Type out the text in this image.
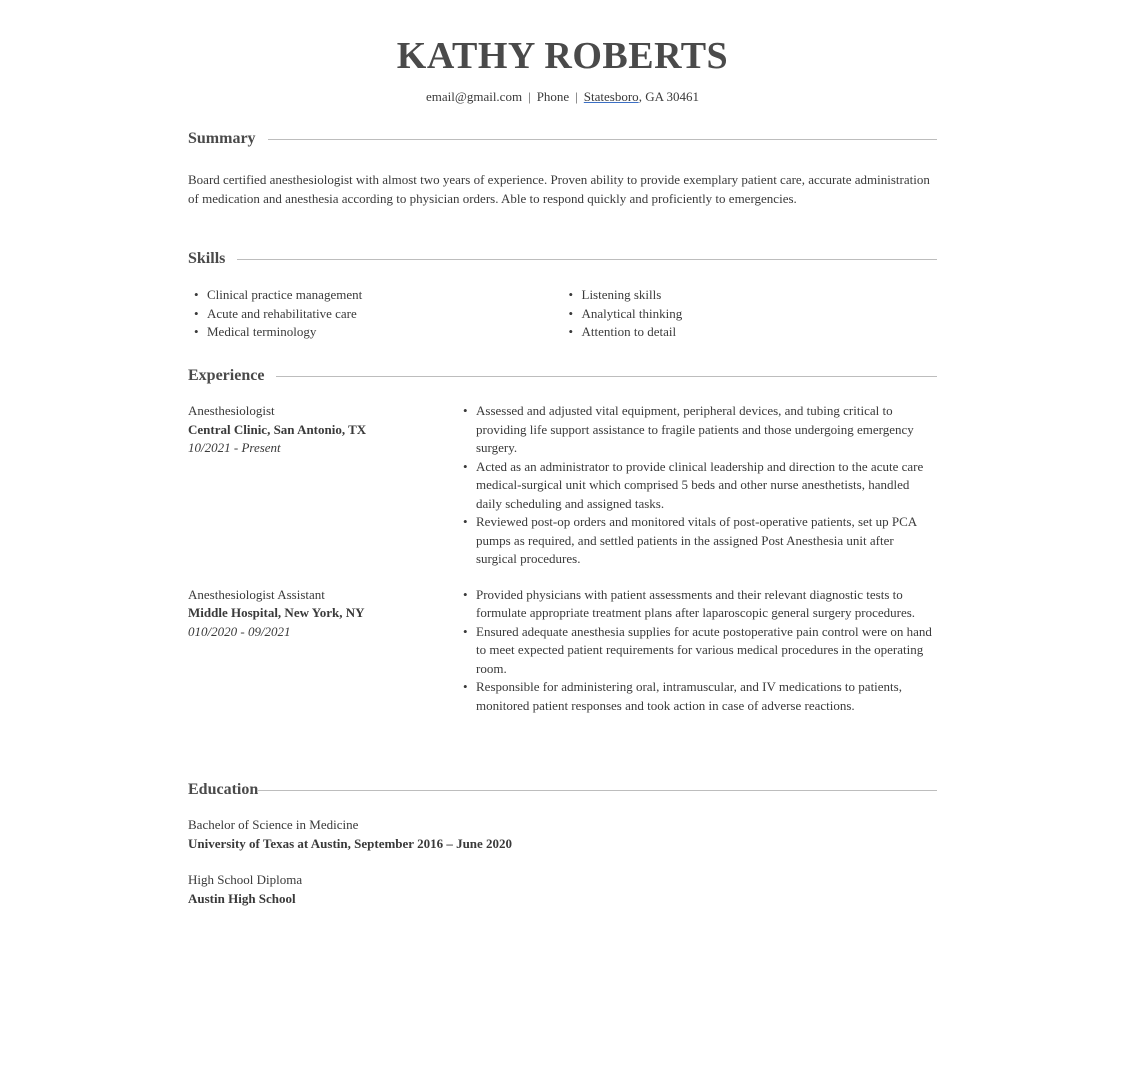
KATHY ROBERTS
email@gmail.com | Phone | Statesboro, GA 30461
Summary

Board certified anesthesiologist with almost two years of experience. Proven ability to provide exemplary patient care, accurate administration of medication and anesthesia according to physician orders. Able to respond quickly and proficiently to emergencies.

Skills
• Clinical practice management
• Acute and rehabilitative care
• Medical terminology
• Listening skills
• Analytical thinking
• Attention to detail
Experience
Anesthesiologist
Central Clinic, San Antonio, TX
10/2021 - Present
• Assessed and adjusted vital equipment, peripheral devices, and tubing critical to providing life support assistance to fragile patients and those undergoing emergency surgery.
• Acted as an administrator to provide clinical leadership and direction to the acute care medical-surgical unit which comprised 5 beds and other nurse anesthetists, handled daily scheduling and assigned tasks.
• Reviewed post-op orders and monitored vitals of post-operative patients, set up PCA pumps as required, and settled patients in the assigned Post Anesthesia unit after surgical procedures.
Anesthesiologist Assistant
Middle Hospital, New York, NY
010/2020 - 09/2021
• Provided physicians with patient assessments and their relevant diagnostic tests to formulate appropriate treatment plans after laparoscopic general surgery procedures.
• Ensured adequate anesthesia supplies for acute postoperative pain control were on hand to meet expected patient requirements for various medical procedures in the operating room.
• Responsible for administering oral, intramuscular, and IV medications to patients, monitored patient responses and took action in case of adverse reactions.
Education
Bachelor of Science in Medicine
University of Texas at Austin, September 2016 – June 2020
High School Diploma
Austin High School
